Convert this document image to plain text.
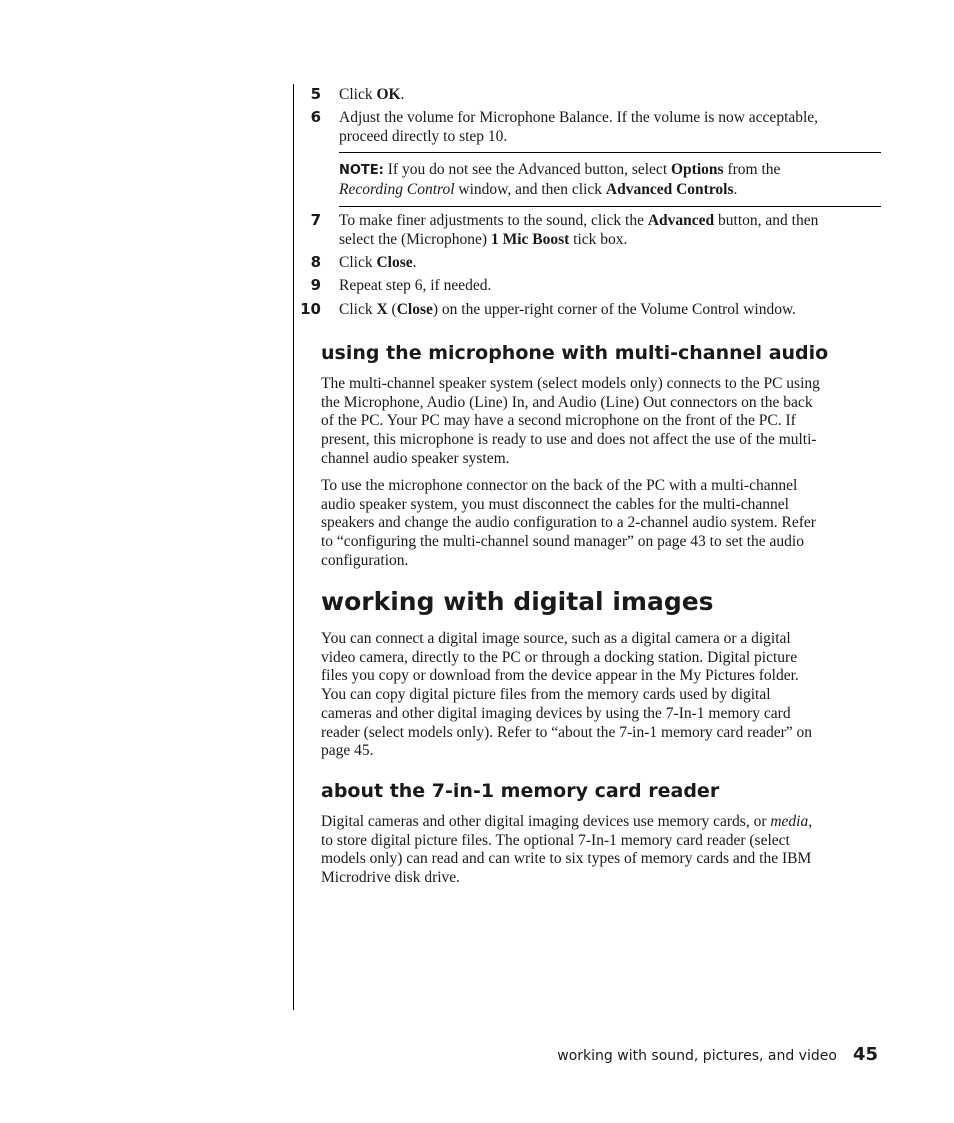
5	Click OK.
6 Adjust the volume for Microphone Balance. If the volume is now acceptable,
proceed directly to step 10.
NOTE: If you do not see the Advanced button, select Options from the
Recording Control window, and then click Advanced Controls.
7 To make finer adjustments to the sound, click the Advanced button, and then
select the (Microphone) 1 Mic Boost tick box.
8	Click Close.
9	Repeat step 6, if needed.
10	Click X (Close) on the upper-right corner of the Volume Control window.
using the microphone with multi-channel audio

The multi-channel speaker system (select models only) connects to the PC using
the Microphone, Audio (Line) In, and Audio (Line) Out connectors on the back
of the PC. Your PC may have a second microphone on the front of the PC. If
present, this microphone is ready to use and does not affect the use of the multi-
channel audio speaker system.

To use the microphone connector on the back of the PC with a multi-channel
audio speaker system, you must disconnect the cables for the multi-channel
speakers and change the audio configuration to a 2-channel audio system. Refer
to “configuring the multi-channel sound manager” on page 43 to set the audio
configuration.

working with digital images

You can connect a digital image source, such as a digital camera or a digital
video camera, directly to the PC or through a docking station. Digital picture
files you copy or download from the device appear in the My Pictures folder.
You can copy digital picture files from the memory cards used by digital
cameras and other digital imaging devices by using the 7-In-1 memory card
reader (select models only). Refer to “about the 7-in-1 memory card reader” on
page 45.

about the 7-in-1 memory card reader

Digital cameras and other digital imaging devices use memory cards, or media,
to store digital picture files. The optional 7-In-1 memory card reader (select
models only) can read and can write to six types of memory cards and the IBM
Microdrive disk drive.

working with sound, pictures, and video 45
